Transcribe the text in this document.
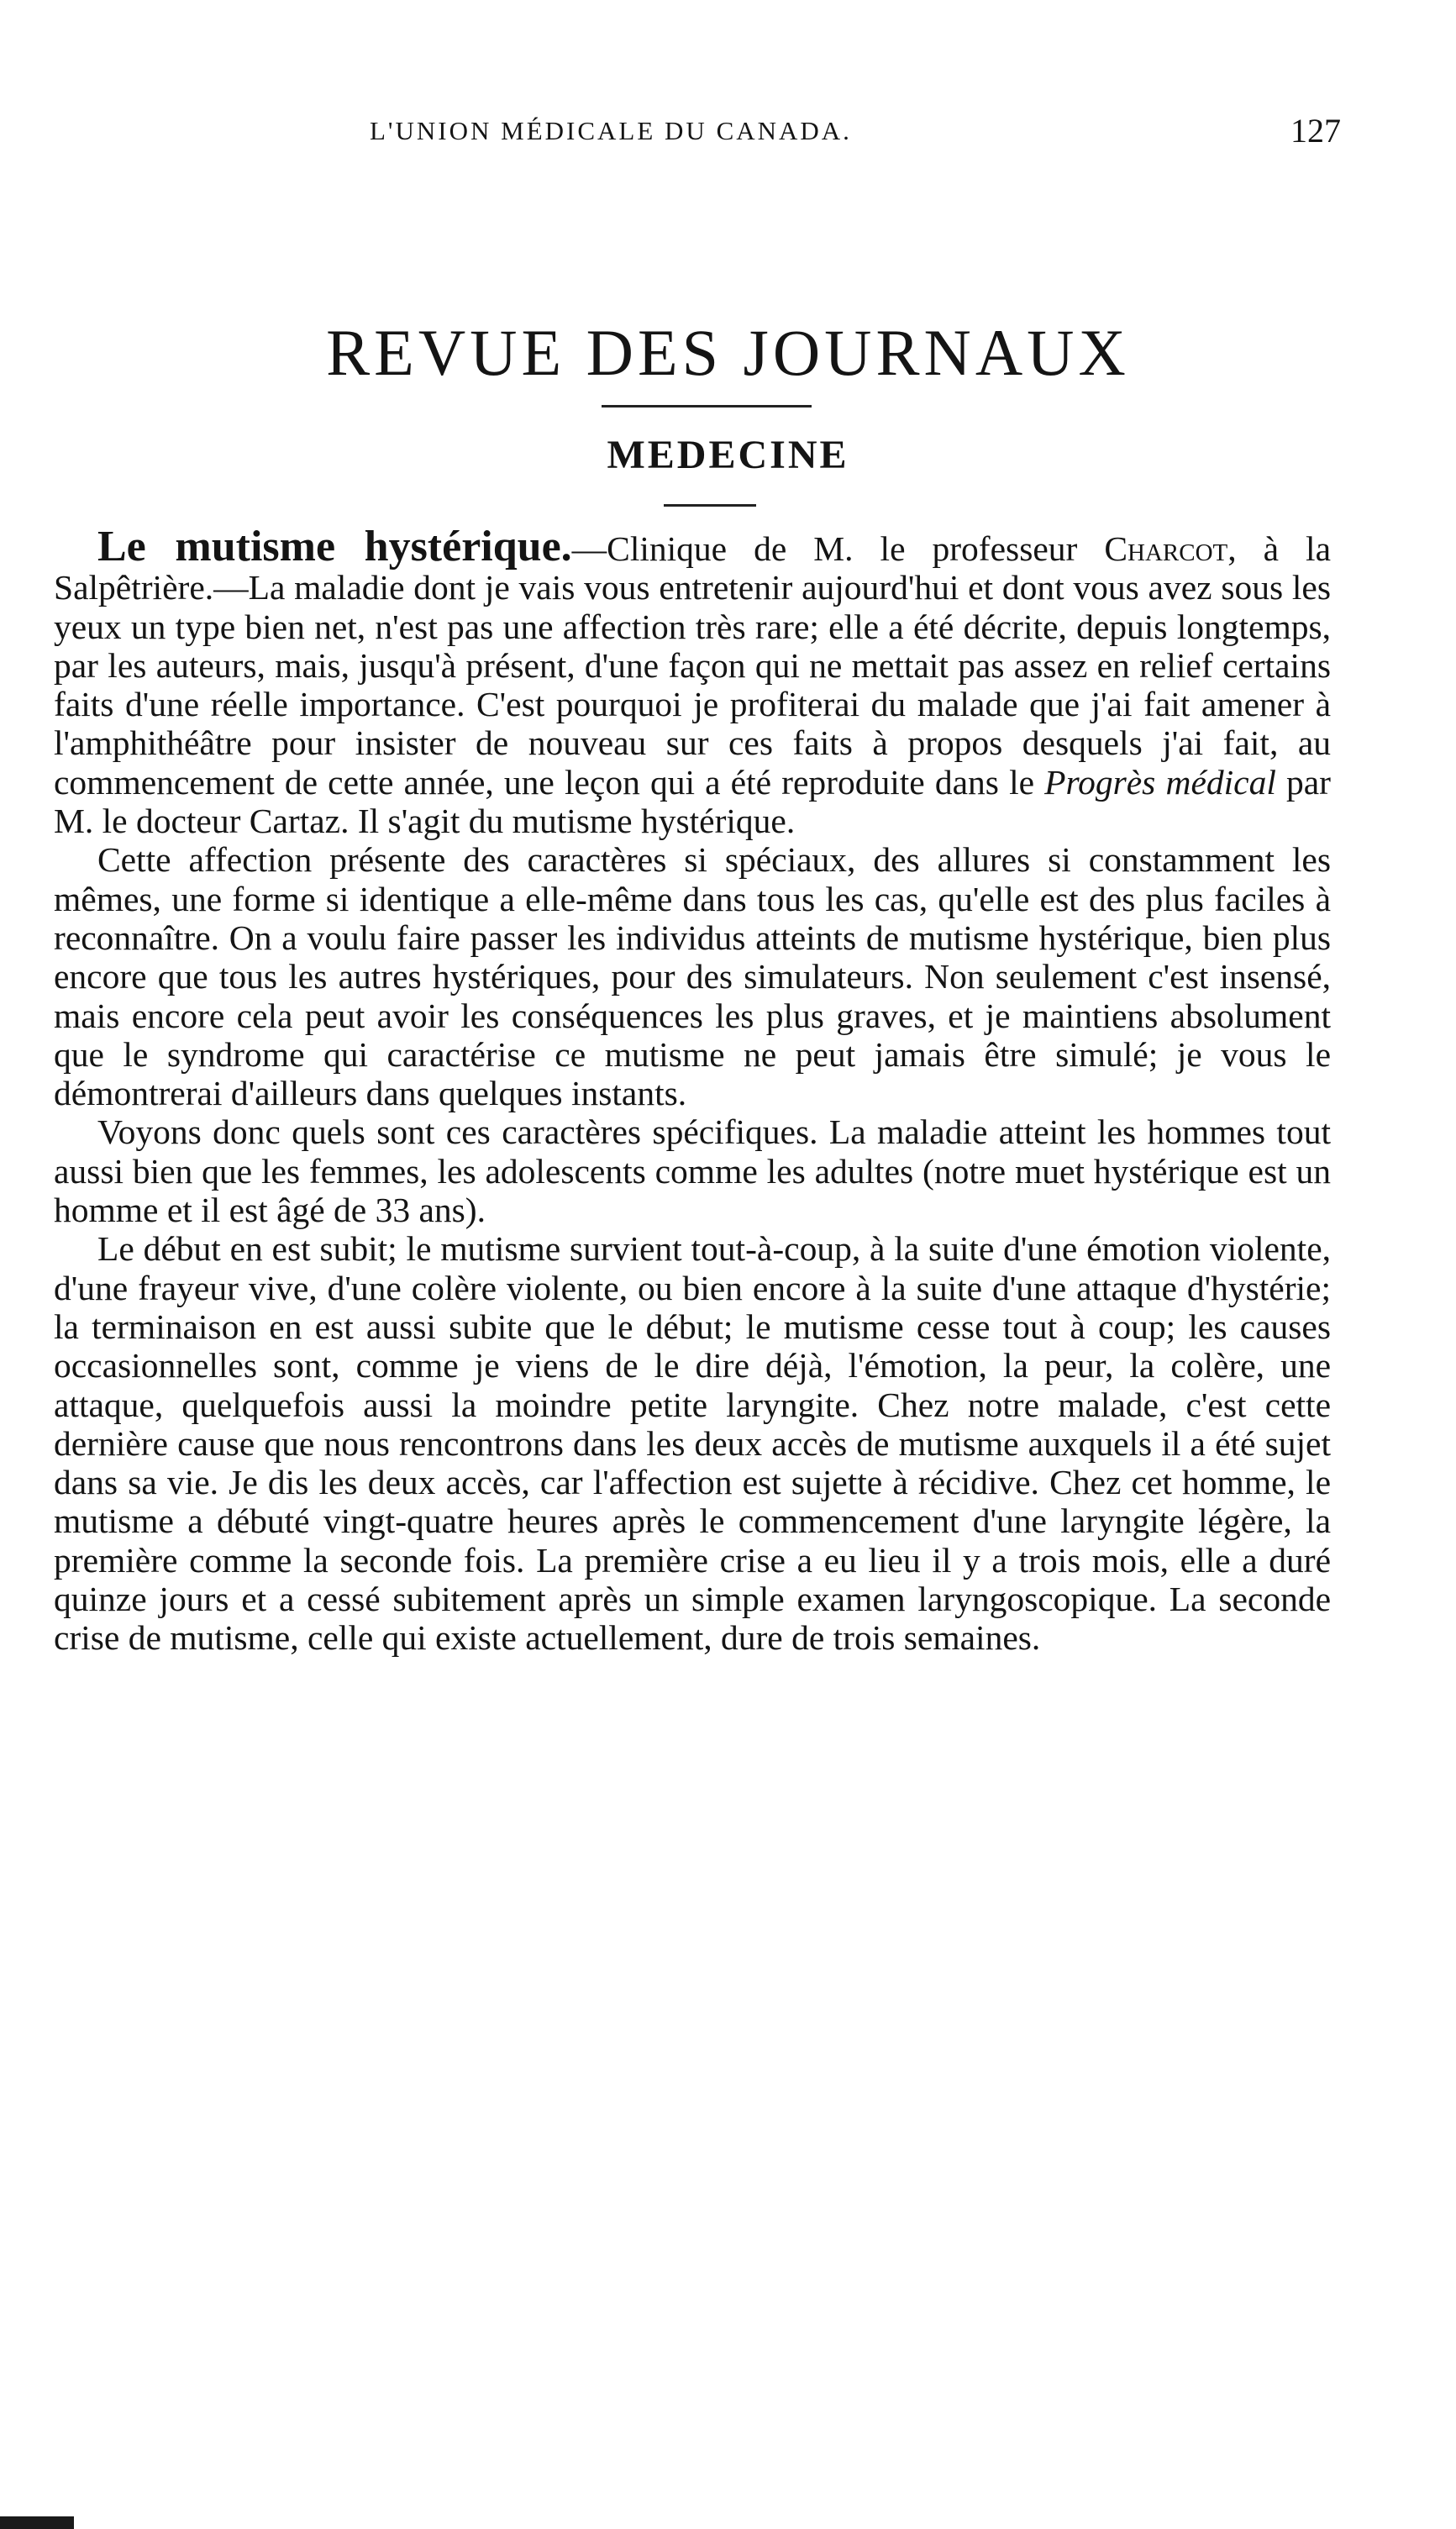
L'UNION MÉDICALE DU CANADA.	127
REVUE DES JOURNAUX
MEDECINE

Le mutisme hystérique.—Clinique de M. le professeur Charcot, à la Salpêtrière.—La maladie dont je vais vous entretenir aujourd'hui et dont vous avez sous les yeux un type bien net, n'est pas une affection très rare; elle a été décrite, depuis longtemps, par les auteurs, mais, jusqu'à présent, d'une façon qui ne mettait pas assez en relief certains faits d'une réelle importance. C'est pourquoi je profiterai du malade que j'ai fait amener à l'amphithéâtre pour insister de nouveau sur ces faits à propos desquels j'ai fait, au commencement de cette année, une leçon qui a été reproduite dans le Progrès médical par M. le docteur Cartaz. Il s'agit du mutisme hystérique.

Cette affection présente des caractères si spéciaux, des allures si constamment les mêmes, une forme si identique a elle-même dans tous les cas, qu'elle est des plus faciles à reconnaître. On a voulu faire passer les individus atteints de mutisme hystérique, bien plus encore que tous les autres hystériques, pour des simulateurs. Non seulement c'est insensé, mais encore cela peut avoir les conséquences les plus graves, et je maintiens absolument que le syndrome qui caractérise ce mutisme ne peut jamais être simulé; je vous le démontrerai d'ailleurs dans quelques instants.

Voyons donc quels sont ces caractères spécifiques. La maladie atteint les hommes tout aussi bien que les femmes, les adolescents comme les adultes (notre muet hystérique est un homme et il est âgé de 33 ans).

Le début en est subit; le mutisme survient tout-à-coup, à la suite d'une émotion violente, d'une frayeur vive, d'une colère violente, ou bien encore à la suite d'une attaque d'hystérie; la terminaison en est aussi subite que le début; le mutisme cesse tout à coup; les causes occasionnelles sont, comme je viens de le dire déjà, l'émotion, la peur, la colère, une attaque, quelquefois aussi la moindre petite laryngite. Chez notre malade, c'est cette dernière cause que nous rencontrons dans les deux accès de mutisme auxquels il a été sujet dans sa vie. Je dis les deux accès, car l'affection est sujette à récidive. Chez cet homme, le mutisme a débuté vingt-quatre heures après le commencement d'une laryngite légère, la première comme la seconde fois. La première crise a eu lieu il y a trois mois, elle a duré quinze jours et a cessé subitement après un simple examen laryngoscopique. La seconde crise de mutisme, celle qui existe actuellement, dure de trois semaines.
